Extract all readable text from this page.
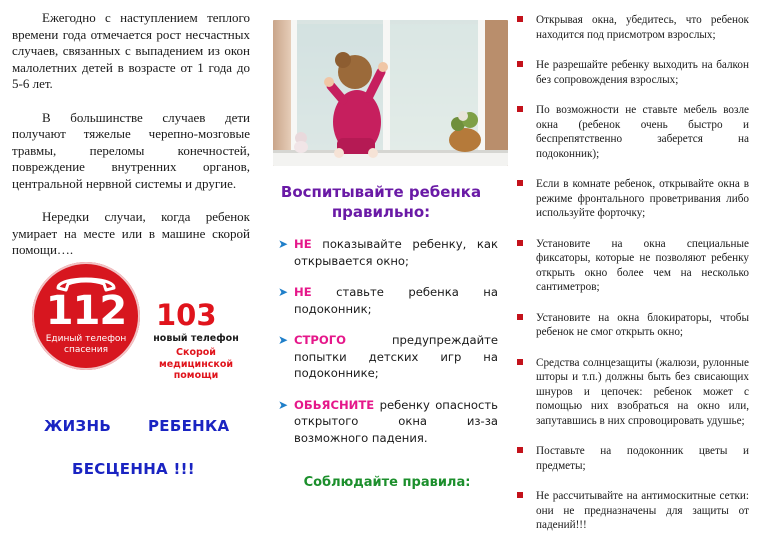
Ежегодно с наступлением теплого времени года отмечается рост несчастных случаев, связанных с выпадением из окон малолетних детей в возрасте от 1 года до 5-6 лет.

В большинстве случаев дети получают тяжелые черепно-мозговые травмы, переломы конечностей, повреждение внутренних органов, центральной нервной системы и другие.

Нередки случаи, когда ребенок умирает на месте или в машине скорой помощи….

112
Единый телефон спасения
103
новый телефон
Скорой медицинской помощи
ЖИЗНЬ РЕБЕНКА
БЕСЦЕННА !!!
Воспитывайте ребенка
правильно:
➤ НЕ показывайте ребенку, как открывается окно;
➤ НЕ ставьте ребенка на подоконник;
➤ СТРОГО предупреждайте попытки детских игр на подоконнике;
➤ ОБЬЯСНИТЕ ребенку опасность открытого окна из-за возможного падения.
Соблюдайте правила:
Открывая окна, убедитесь, что ребенок находится под присмотром взрослых;
Не разрешайте ребенку выходить на балкон без сопровождения взрослых;
По возможности не ставьте мебель возле окна (ребенок очень быстро и беспрепятственно заберется на подоконник);
Если в комнате ребенок, открывайте окна в режиме фронтального проветривания либо используйте форточку;
Установите на окна специальные фиксаторы, которые не позволяют ребенку открыть окно более чем на несколько сантиметров;
Установите на окна блокираторы, чтобы ребенок не смог открыть окно;
Средства солнцезащиты (жалюзи, рулонные шторы и т.п.) должны быть без свисающих шнуров и цепочек: ребенок может с помощью них взобраться на окно или, запутавшись в них спровоцировать удушье;
Поставьте на подоконник цветы и предметы;
Не рассчитывайте на антимоскитные сетки: они не предназначены для защиты от падений!!!
